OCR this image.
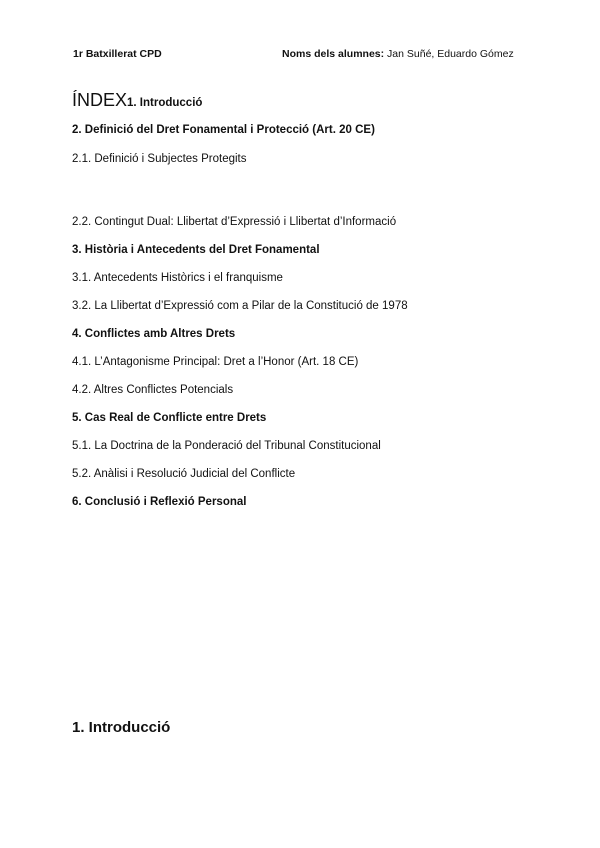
1r Batxillerat CPD	Noms dels alumnes: Jan Suñé, Eduardo Gómez
ÍNDEX1. Introducció
2. Definició del Dret Fonamental i Protecció (Art. 20 CE)
2.1. Definició i Subjectes Protegits
2.2. Contingut Dual: Llibertat d’Expressió i Llibertat d’Informació
3. Història i Antecedents del Dret Fonamental
3.1. Antecedents Històrics i el franquisme
3.2. La Llibertat d’Expressió com a Pilar de la Constitució de 1978
4. Conflictes amb Altres Drets
4.1. L’Antagonisme Principal: Dret a l’Honor (Art. 18 CE)
4.2. Altres Conflictes Potencials
5. Cas Real de Conflicte entre Drets
5.1. La Doctrina de la Ponderació del Tribunal Constitucional
5.2. Anàlisi i Resolució Judicial del Conflicte
6. Conclusió i Reflexió Personal
1. Introducció
